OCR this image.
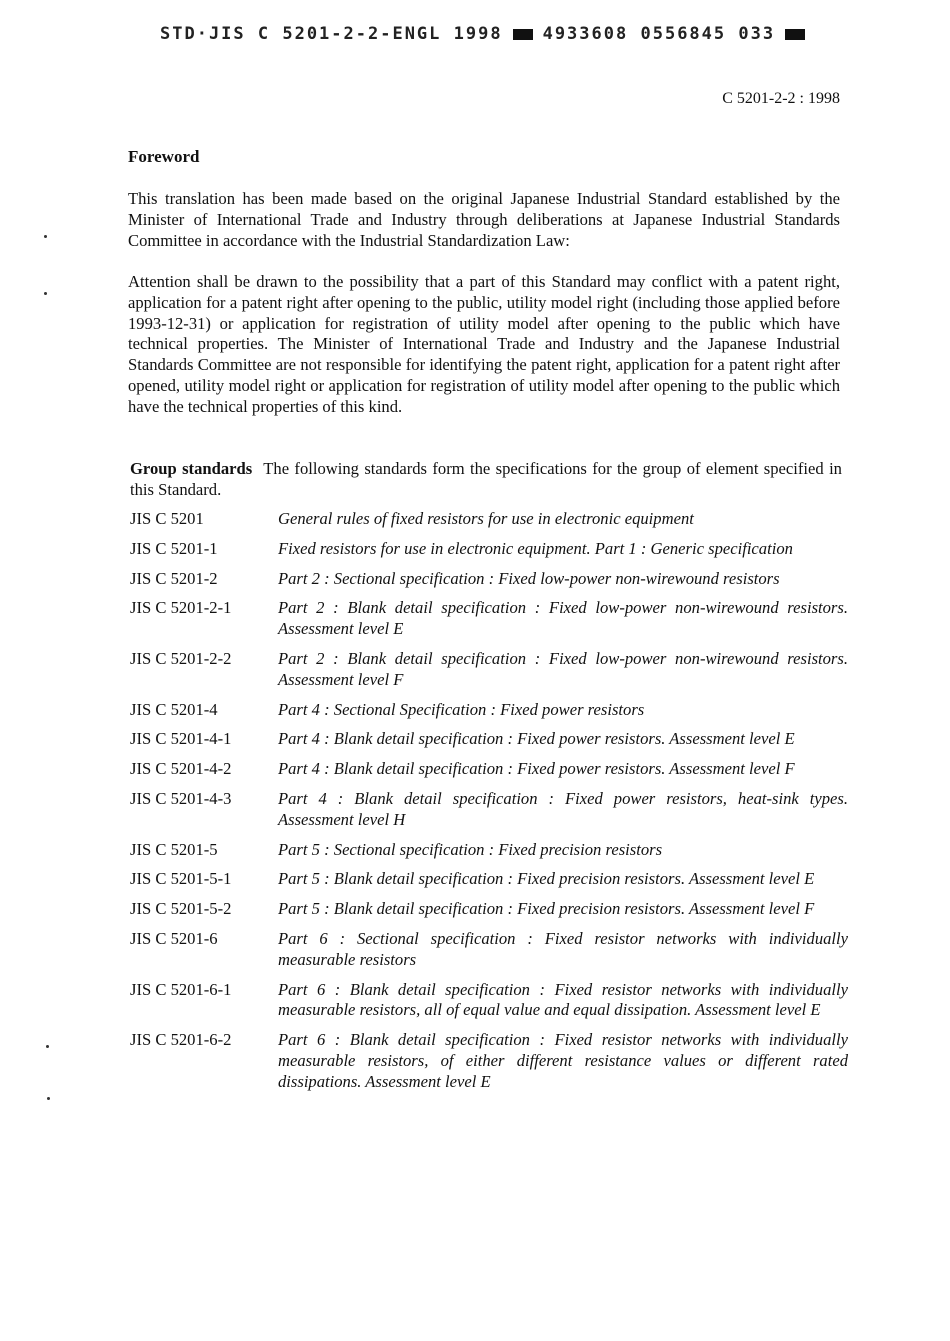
STD·JIS C 5201-2-2-ENGL 1998 4933608 0556845 033
C 5201-2-2 : 1998
Foreword
This translation has been made based on the original Japanese Industrial Standard established by the Minister of International Trade and Industry through deliberations at Japanese Industrial Standards Committee in accordance with the Industrial Standardization Law:
Attention shall be drawn to the possibility that a part of this Standard may conflict with a patent right, application for a patent right after opening to the public, utility model right (including those applied before 1993-12-31) or application for registration of utility model after opening to the public which have technical properties. The Minister of International Trade and Industry and the Japanese Industrial Standards Committee are not responsible for identifying the patent right, application for a patent right after opened, utility model right or application for registration of utility model after opening to the public which have the technical properties of this kind.
Group standards The following standards form the specifications for the group of element specified in this Standard.
JIS C 5201	General rules of fixed resistors for use in electronic equipment
JIS C 5201-1	Fixed resistors for use in electronic equipment. Part 1 : Generic specification
JIS C 5201-2	Part 2 : Sectional specification : Fixed low-power non-wirewound resistors
JIS C 5201-2-1	Part 2 : Blank detail specification : Fixed low-power non-wirewound resistors. Assessment level E
JIS C 5201-2-2	Part 2 : Blank detail specification : Fixed low-power non-wirewound resistors. Assessment level F
JIS C 5201-4	Part 4 : Sectional Specification : Fixed power resistors
JIS C 5201-4-1	Part 4 : Blank detail specification : Fixed power resistors. Assessment level E
JIS C 5201-4-2	Part 4 : Blank detail specification : Fixed power resistors. Assessment level F
JIS C 5201-4-3	Part 4 : Blank detail specification : Fixed power resistors, heat-sink types. Assessment level H
JIS C 5201-5	Part 5 : Sectional specification : Fixed precision resistors
JIS C 5201-5-1	Part 5 : Blank detail specification : Fixed precision resistors. Assessment level E
JIS C 5201-5-2	Part 5 : Blank detail specification : Fixed precision resistors. Assessment level F
JIS C 5201-6	Part 6 : Sectional specification : Fixed resistor networks with individually measurable resistors
JIS C 5201-6-1	Part 6 : Blank detail specification : Fixed resistor networks with individually measurable resistors, all of equal value and equal dissipation. Assessment level E
JIS C 5201-6-2	Part 6 : Blank detail specification : Fixed resistor networks with individually measurable resistors, of either different resistance values or different rated dissipations. Assessment level E
